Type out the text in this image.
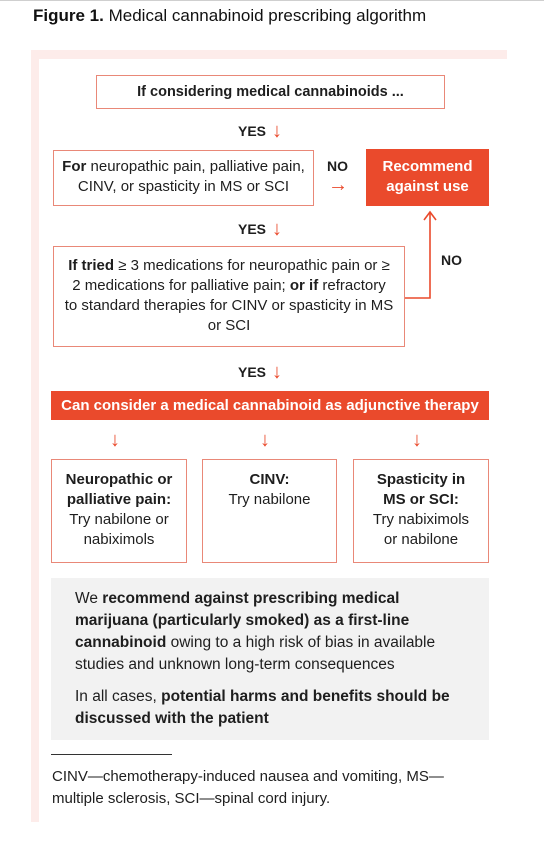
Figure 1. Medical cannabinoid prescribing algorithm
If considering medical cannabinoids ...
YES ↓
For neuropathic pain, palliative pain, CINV, or spasticity in MS or SCI
NO
→
Recommend against use
YES ↓
NO
If tried ≥ 3 medications for neuropathic pain or ≥ 2 medications for palliative pain; or if refractory to standard therapies for CINV or spasticity in MS or SCI
YES ↓
Can consider a medical cannabinoid as adjunctive therapy
↓	↓	↓
Neuropathic or palliative pain:
Try nabilone or nabiximols
CINV:
Try nabilone
Spasticity in MS or SCI:
Try nabiximols or nabilone

We recommend against prescribing medical marijuana (particularly smoked) as a first-line cannabinoid owing to a high risk of bias in available studies and unknown long-term consequences

In all cases, potential harms and benefits should be discussed with the patient

CINV—chemotherapy-induced nausea and vomiting, MS—multiple sclerosis, SCI—spinal cord injury.
